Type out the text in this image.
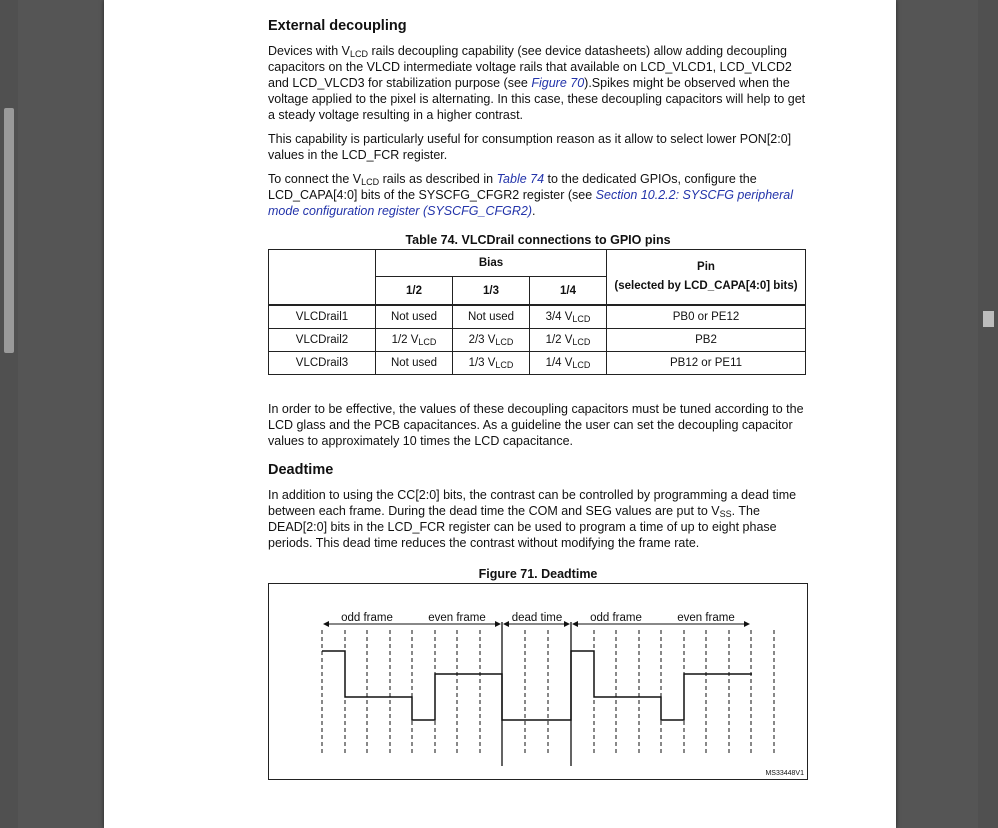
External decoupling

Devices with $V_{LCD}$ rails decoupling capability (see device datasheets) allow adding decoupling capacitors on the VLCD intermediate voltage rails that available on LCD_VLCD1, LCD_VLCD2 and LCD_VLCD3 for stabilization purpose (see Figure 70).Spikes might be observed when the voltage applied to the pixel is alternating. In this case, these decoupling capacitors will help to get a steady voltage resulting in a higher contrast.

This capability is particularly useful for consumption reason as it allow to select lower PON[2:0] values in the LCD_FCR register.

To connect the $V_{LCD}$ rails as described in Table 74 to the dedicated GPIOs, configure the LCD_CAPA[4:0] bits of the SYSCFG_CFGR2 register (see Section 10.2.2: SYSCFG peripheral mode configuration register (SYSCFG_CFGR2).

Table 74. VLCDrail connections to GPIO pins
	Bias			Pin
(selected by LCD_CAPA[4:0] bits)

	1/2	1/3	1/4	
VLCDrail1	Not used	Not used	3/4 $V_{LCD}$	PB0 or PE12
VLCDrail2	1/2 $V_{LCD}$	2/3 $V_{LCD}$	1/2 $V_{LCD}$	PB2
VLCDrail3	Not used	1/3 $V_{LCD}$	1/4 $V_{LCD}$	PB12 or PE11

In order to be effective, the values of these decoupling capacitors must be tuned according to the LCD glass and the PCB capacitances. As a guideline the user can set the decoupling capacitor values to approximately 10 times the LCD capacitance.

Deadtime

In addition to using the CC[2:0] bits, the contrast can be controlled by programming a dead time between each frame. During the dead time the COM and SEG values are put to $V_{SS}$. The DEAD[2:0] bits in the LCD_FCR register can be used to program a time of up to eight phase periods. This dead time reduces the contrast without modifying the frame rate.

Figure 71. Deadtime
odd frame	even frame dead time odd frame	even frame
MS33448V1
